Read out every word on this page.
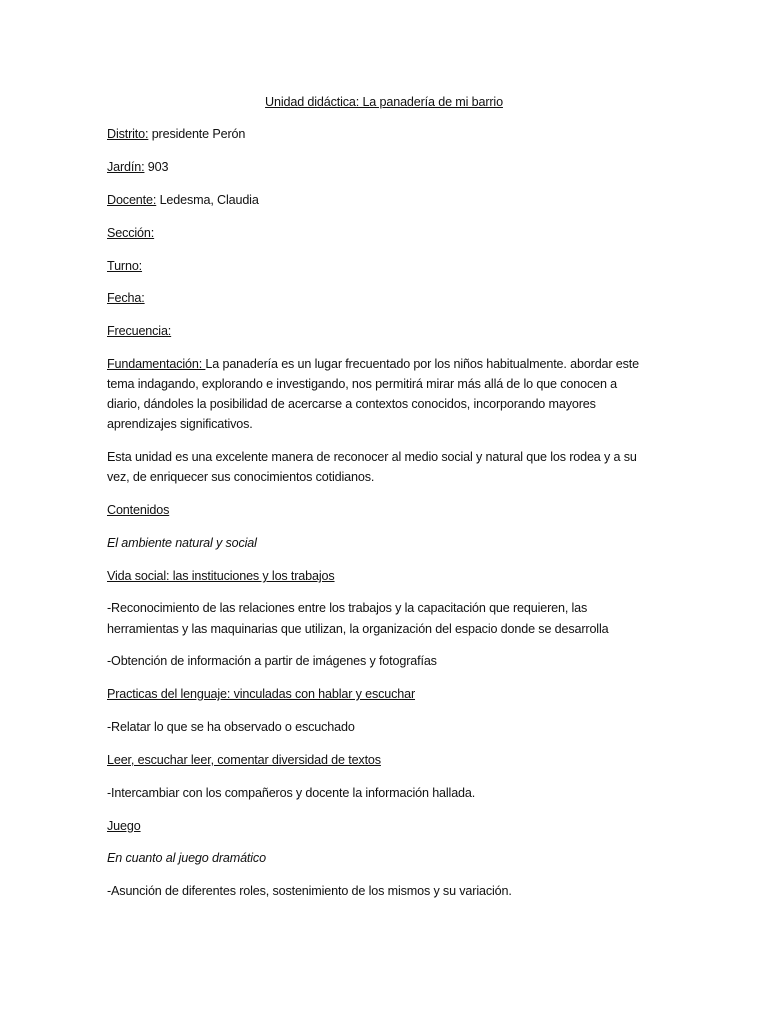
Unidad didáctica: La panadería de mi barrio
Distrito: presidente Perón
Jardín: 903
Docente: Ledesma, Claudia
Sección:
Turno:
Fecha:
Frecuencia:
Fundamentación: La panadería es un lugar frecuentado por los niños habitualmente. abordar este
tema indagando, explorando e investigando, nos permitirá mirar más allá de lo que conocen a
diario, dándoles la posibilidad de acercarse a contextos conocidos, incorporando mayores
aprendizajes significativos.
Esta unidad es una excelente manera de reconocer al medio social y natural que los rodea y a su
vez, de enriquecer sus conocimientos cotidianos.
Contenidos
El ambiente natural y social
Vida social: las instituciones y los trabajos
-Reconocimiento de las relaciones entre los trabajos y la capacitación que requieren, las
herramientas y las maquinarias que utilizan, la organización del espacio donde se desarrolla
-Obtención de información a partir de imágenes y fotografías
Practicas del lenguaje: vinculadas con hablar y escuchar
-Relatar lo que se ha observado o escuchado
Leer, escuchar leer, comentar diversidad de textos
-Intercambiar con los compañeros y docente la información hallada.
Juego
En cuanto al juego dramático
-Asunción de diferentes roles, sostenimiento de los mismos y su variación.
